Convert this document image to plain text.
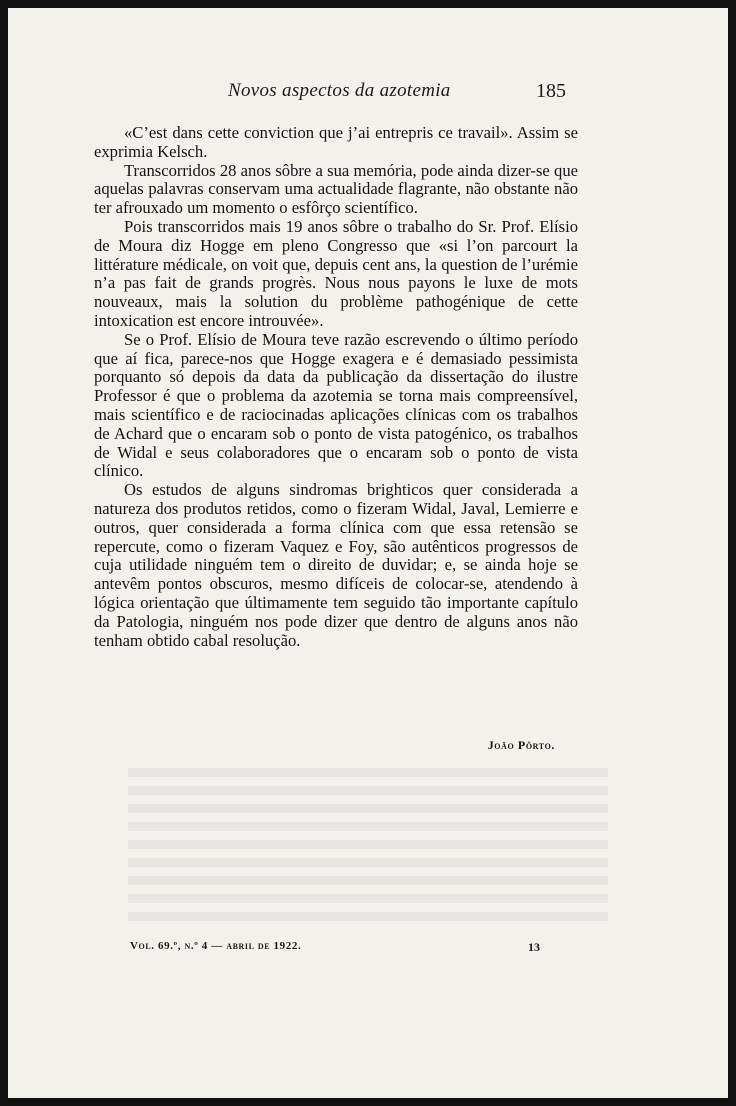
Novos aspectos da azotemia	185

«C’est dans cette conviction que j’ai entrepris ce travail». Assim se exprimia Kelsch.

Transcorridos 28 anos sôbre a sua memória, pode ainda dizer-se que aquelas palavras conservam uma actualidade flagrante, não obstante não ter afrouxado um momento o esfôrço scientífico.

Pois transcorridos mais 19 anos sôbre o trabalho do Sr. Prof. Elísio de Moura diz Hogge em pleno Congresso que «si l’on parcourt la littérature médicale, on voit que, depuis cent ans, la question de l’urémie n’a pas fait de grands progrès. Nous nous payons le luxe de mots nouveaux, mais la solution du problème pathogénique de cette intoxication est encore introuvée».

Se o Prof. Elísio de Moura teve razão escrevendo o último período que aí fica, parece-nos que Hogge exagera e é demasiado pessimista porquanto só depois da data da publicação da dissertação do ilustre Professor é que o problema da azotemia se torna mais compreensível, mais scientífico e de raciocinadas aplicações clínicas com os trabalhos de Achard que o encaram sob o ponto de vista patogénico, os trabalhos de Widal e seus colaboradores que o encaram sob o ponto de vista clínico.

Os estudos de alguns sindromas brighticos quer considerada a natureza dos produtos retidos, como o fizeram Widal, Javal, Lemierre e outros, quer considerada a forma clínica com que essa retensão se repercute, como o fizeram Vaquez e Foy, são autênticos progressos de cuja utilidade ninguém tem o direito de duvidar; e, se ainda hoje se antevêm pontos obscuros, mesmo difíceis de colocar-se, atendendo à lógica orientação que últimamente tem seguido tão importante capítulo da Patologia, ninguém nos pode dizer que dentro de alguns anos não tenham obtido cabal resolução.

João Pôrto.
Vol. 69.º, n.º 4 — abril de 1922.	13
